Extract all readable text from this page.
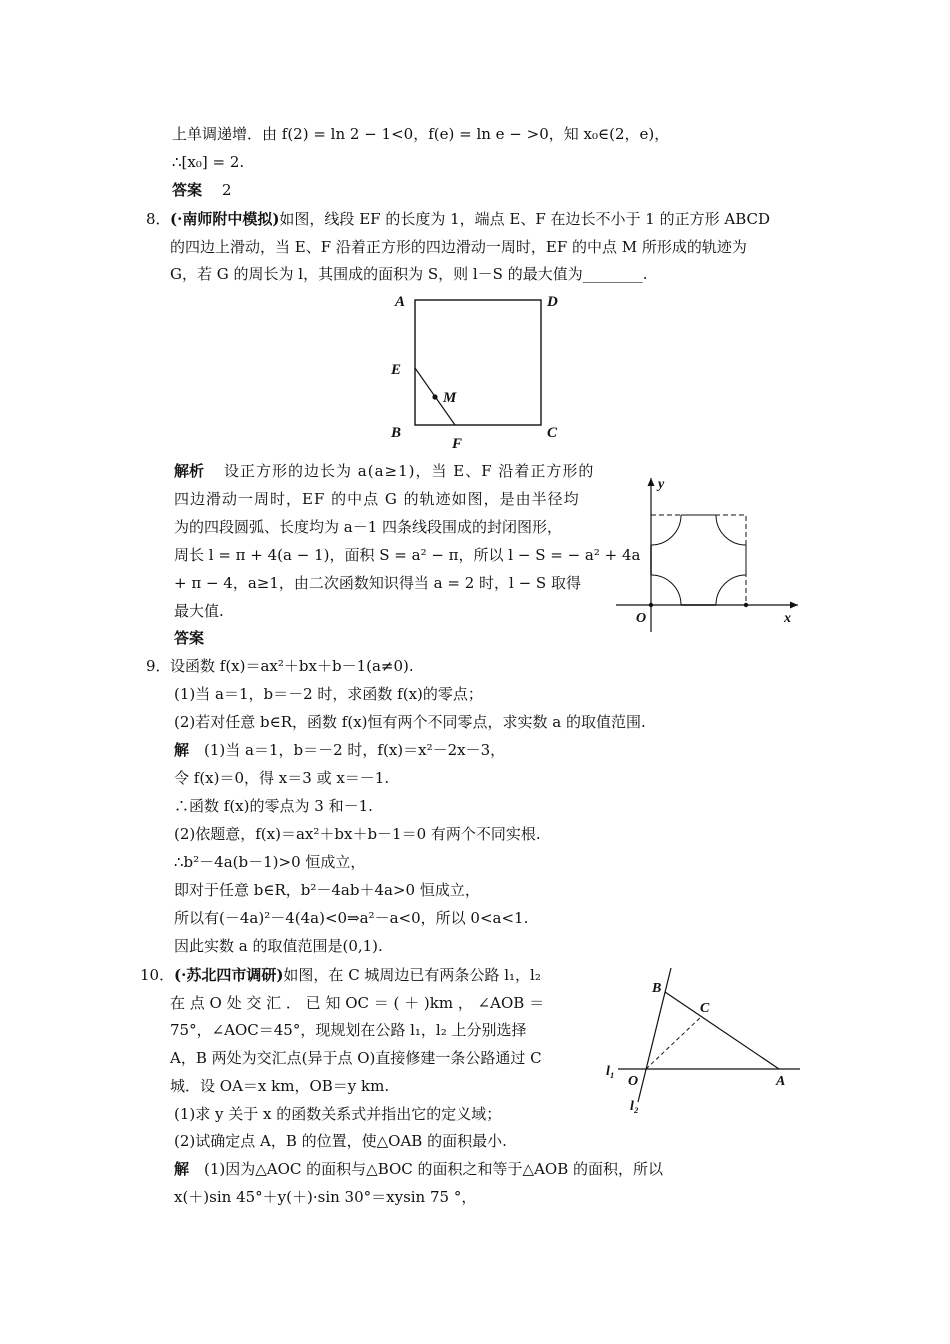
上单调递增．由 f(2) = ln 2 − 1<0，f(e) = ln e − >0，知 x₀∈(2，e)，
∴[x₀] = 2.
答案 2
8． (·南师附中模拟)如图，线段 EF 的长度为 1，端点 E、F 在边长不小于 1 的正方形 ABCD
的四边上滑动，当 E、F 沿着正方形的四边滑动一周时，EF 的中点 M 所形成的轨迹为
G，若 G 的周长为 l，其围成的面积为 S，则 l－S 的最大值为________.
A	D
E
M
B	C
F
解析 设正方形的边长为 a(a≥1)，当 E、F 沿着正方形的
四边滑动一周时，EF 的中点 G 的轨迹如图，是由半径均
为的四段圆弧、长度均为 a－1 四条线段围成的封闭图形，
周长 l = π + 4(a − 1)，面积 S = a² − π，所以 l − S = − a² + 4a
+ π − 4，a≥1，由二次函数知识得当 a = 2 时，l − S 取得
最大值.
答案
y
O	x
9． 设函数 f(x)＝ax²＋bx＋b－1(a≠0).
(1)当 a＝1，b＝－2 时，求函数 f(x)的零点；
(2)若对任意 b∈R，函数 f(x)恒有两个不同零点，求实数 a 的取值范围.
解 (1)当 a＝1，b＝－2 时，f(x)＝x²－2x－3，
令 f(x)＝0，得 x＝3 或 x＝－1.
∴函数 f(x)的零点为 3 和－1.
(2)依题意，f(x)＝ax²＋bx＋b－1＝0 有两个不同实根.
∴b²－4a(b－1)>0 恒成立，
即对于任意 b∈R，b²－4ab＋4a>0 恒成立，
所以有(－4a)²－4(4a)<0⇒a²－a<0，所以 0<a<1.
因此实数 a 的取值范围是(0,1).
10． (·苏北四市调研)如图，在 C 城周边已有两条公路 l₁，l₂
在 点 O 处 交 汇 ． 已 知 OC ＝ ( ＋ )km ， ∠AOB ＝
75°，∠AOC＝45°，现规划在公路 l₁，l₂ 上分别选择
A，B 两处为交汇点(异于点 O)直接修建一条公路通过 C
城．设 OA＝x km，OB＝y km.
(1)求 y 关于 x 的函数关系式并指出它的定义域；
(2)试确定点 A，B 的位置，使△OAB 的面积最小.
解 (1)因为△AOC 的面积与△BOC 的面积之和等于△AOB 的面积，所以
x(＋)sin 45°＋y(＋)·sin 30°＝xysin 75 °，
B
C
O	A
l₁
l₂
